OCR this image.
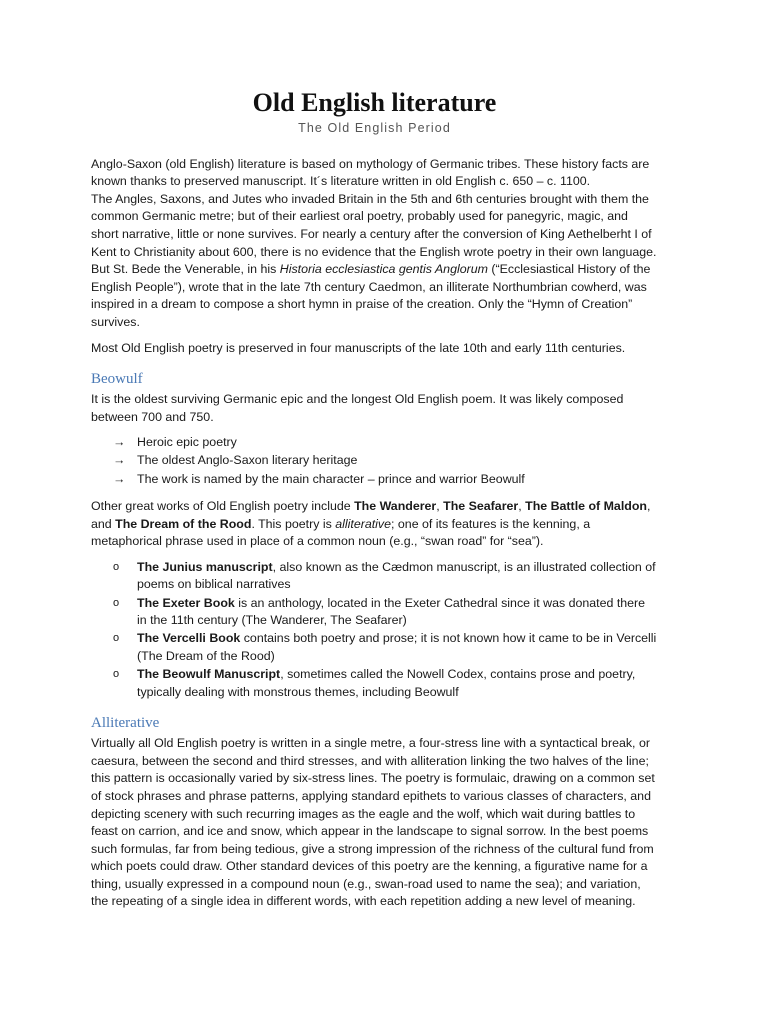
Old English literature
The Old English Period

Anglo-Saxon (old English) literature is based on mythology of Germanic tribes. These history facts are known thanks to preserved manuscript. It´s literature written in old English c. 650 – c. 1100.
The Angles, Saxons, and Jutes who invaded Britain in the 5th and 6th centuries brought with them the common Germanic metre; but of their earliest oral poetry, probably used for panegyric, magic, and short narrative, little or none survives. For nearly a century after the conversion of King Aethelberht I of Kent to Christianity about 600, there is no evidence that the English wrote poetry in their own language. But St. Bede the Venerable, in his Historia ecclesiastica gentis Anglorum (“Ecclesiastical History of the English People”), wrote that in the late 7th century Caedmon, an illiterate Northumbrian cowherd, was inspired in a dream to compose a short hymn in praise of the creation. Only the “Hymn of Creation” survives.

Most Old English poetry is preserved in four manuscripts of the late 10th and early 11th centuries.

Beowulf

It is the oldest surviving Germanic epic and the longest Old English poem. It was likely composed between 700 and 750.

→ Heroic epic poetry
→ The oldest Anglo-Saxon literary heritage
→ The work is named by the main character – prince and warrior Beowulf

Other great works of Old English poetry include The Wanderer, The Seafarer, The Battle of Maldon, and The Dream of the Rood. This poetry is alliterative; one of its features is the kenning, a metaphorical phrase used in place of a common noun (e.g., “swan road” for “sea”).

o The Junius manuscript, also known as the Cædmon manuscript, is an illustrated collection of poems on biblical narratives
o The Exeter Book is an anthology, located in the Exeter Cathedral since it was donated there in the 11th century (The Wanderer, The Seafarer)
o The Vercelli Book contains both poetry and prose; it is not known how it came to be in Vercelli (The Dream of the Rood)
o The Beowulf Manuscript, sometimes called the Nowell Codex, contains prose and poetry, typically dealing with monstrous themes, including Beowulf
Alliterative

Virtually all Old English poetry is written in a single metre, a four-stress line with a syntactical break, or caesura, between the second and third stresses, and with alliteration linking the two halves of the line; this pattern is occasionally varied by six-stress lines. The poetry is formulaic, drawing on a common set of stock phrases and phrase patterns, applying standard epithets to various classes of characters, and depicting scenery with such recurring images as the eagle and the wolf, which wait during battles to feast on carrion, and ice and snow, which appear in the landscape to signal sorrow. In the best poems such formulas, far from being tedious, give a strong impression of the richness of the cultural fund from which poets could draw. Other standard devices of this poetry are the kenning, a figurative name for a thing, usually expressed in a compound noun (e.g., swan-road used to name the sea); and variation, the repeating of a single idea in different words, with each repetition adding a new level of meaning.
